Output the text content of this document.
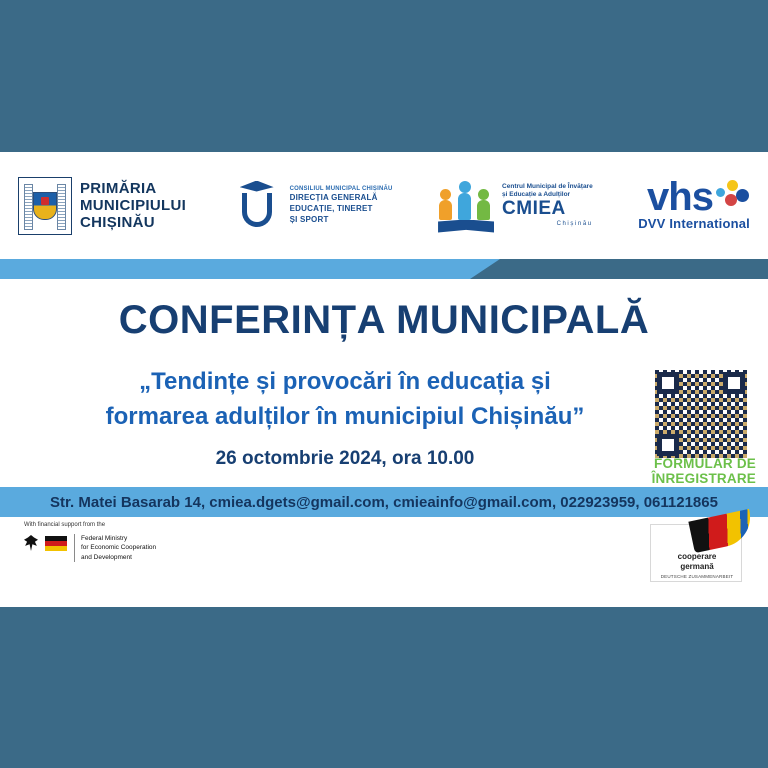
PRIMĂRIA
MUNICIPIULUI
CHIȘINĂU
CONSILIUL MUNICIPAL CHIȘINĂU
DIRECȚIA GENERALĂ
EDUCAȚIE, TINERET
ȘI SPORT
Centrul Municipal de Învățare
și Educație a Adulților
CMIEA
Chișinău
vhs
DVV International
CONFERINȚA MUNICIPALĂ
„Tendințe și provocări în educația și
formarea adulților în municipiul Chișinău”
26 octombrie 2024, ora 10.00	FORMULAR DE ÎNREGISTRARE
Str. Matei Basarab 14, cmiea.dgets@gmail.com, cmieainfo@gmail.com, 022923959, 061121865
With financial support from the
Federal Ministry
for Economic Cooperation
and Development	cooperare
germană
DEUTSCHE ZUSAMMENARBEIT
